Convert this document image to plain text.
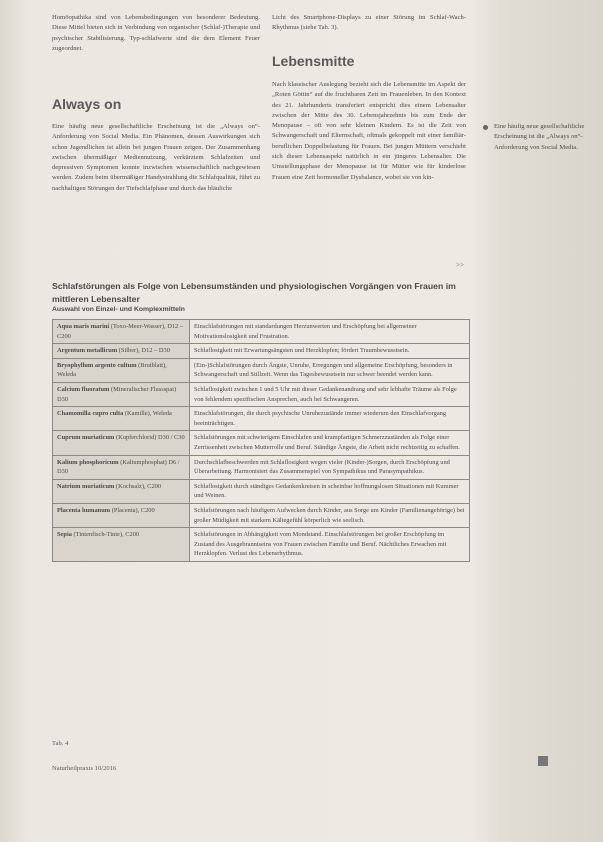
Homöopathika sind von Lebensbedingungen von besonderer Bedeutung. Diese Mittel bieten sich in Verbindung von organischer (Schlaf-)Therapie und psychischer Stabilisierung. Typ-schlafwerte sind die dem Element Feuer zugeordnet.

Always on

Eine häufig neue gesellschaftliche Erscheinung ist die „Always on“-Anforderung von Social Media. Ein Phänomen, dessen Auswirkungen sich schon Jugendlichen ist allein bei jungen Frauen zeigen. Der Zusammenhang zwischen übermäßiger Mediennutzung, verkürztem Schlafzeiten und depressiven Symptomen konnte inzwischen wissenschaftlich nachgewiesen werden. Zudem beim übermäßiger Handystrahlung die Schlafqualität, führt zu nachhaltigen Störungen der Tiefschlafphase und durch das bläuliche

Licht des Smartphone-Displays zu einer Störung im Schlaf-Wach-Rhythmus (siehe Tab. 3).

Lebensmitte

Nach klassischer Auslegung bezieht sich die Lebensmitte im Aspekt der „Roten Göttin“ auf die fruchtbaren Zeit im Frauenleben. In den Kontext des 21. Jahrhunderts transferiert entspricht dies einem Lebensalter zwischen der Mitte des 30. Lebensjahrzehnts bis zum Ende der Menopause – oft von sehr kleinen Kindern. Es ist die Zeit von Schwangerschaft und Elternschaft, oftmals gekoppelt mit einer familiär-beruflichen Doppelbelastung für Frauen. Bei jungen Müttern verschiebt sich dieser Lebensaspekt natürlich in ein jüngeres Lebensalter. Die Umstellungsphase der Menopause ist für Mütter wie für kinderlose Frauen eine Zeit hormoneller Dysbalance, wobei sie von kin-

>>
Eine häufig neue gesellschaftliche Erscheinung ist die „Always on“-Anforderung von Social Media.

Schlafstörungen als Folge von Lebensumständen und physiologischen Vorgängen von Frauen im mittleren Lebensalter

Auswahl von Einzel- und Komplexmitteln

Aqua maris marini (Toxo-Meer-Wasser), D12 – C200	Einschlafstörungen mit standardungen Herzunwerten und Erschöpfung bei allgemeiner Motivationslosigkeit und Frustration.
Argentum metallicum (Silber), D12 – D30	Schlaflosigkeit mit Erwartungsängsten und Herzklopfen; fördert Traumbewusstsein.
Bryophyllum argento cultum (Brutblatt), Weleda	(Ein-)Schlafstörungen durch Ängste, Unruhe, Erregungen und allgemeine Erschöpfung, besonders in Schwangerschaft und Stillzeit. Wenn das Tagesbewusstsein nur schwer beendet werden kann.
Calcium fluoratum (Mineralischer Flussspat) D30	Schlaflosigkeit zwischen 1 und 5 Uhr mit dieser Gedankenandrang und sehr lebhafte Träume als Folge von fehlendem spezifischen Ansprechen, auch bei Schwangeren.
Chamomilla cupro culta (Kamille), Weleda	Einschlafstörungen, die durch psychische Unruhezustände immer wiederum den Einschlafvorgang beeinträchtigen.
Cuprum muriaticum (Kupferchlorid) D30 / C30	Schlafstörungen mit schwierigem Einschlafen und krampfartigen Schmerzzuständen als Folge einer Zerrissenheit zwischen Mutterrolle und Beruf. Ständige Ängste, die Arbeit nicht rechtzeitig zu schaffen.
Kalium phosphoricum (Kaliumphosphat) D6 / D30	Durchschlafbeschwerden mit Schlaflosigkeit wegen vieler (Kinder-)Sorgen, durch Erschöpfung und Überarbeitung. Harmonisiert das Zusammenspiel von Sympathikus und Parasympathikus.
Natrium muriaticum (Kochsalz), C200	Schlaflosigkeit durch ständiges Gedankenkreisen in scheinbar hoffnungslosen Situationen mit Kummer und Weinen.
Placenta humanum (Placenta), C200	Schlafstörungen nach häufigem Aufwecken durch Kinder, aus Sorge um Kinder (Familienangehörige) bei großer Müdigkeit mit starkem Kältegefühl körperlich wie seelisch.
Sepia (Tintenfisch-Tinte), C200	Schlafstörungen in Abhängigkeit vom Mondstand. Einschlafstörungen bei großer Erschöpfung im Zustand des Ausgebranntseins von Frauen zwischen Familie und Beruf. Nächtliches Erwachen mit Herzklopfen. Verlust des Lebensrhythmus.
Tab. 4
Naturheilpraxis 10/2016
